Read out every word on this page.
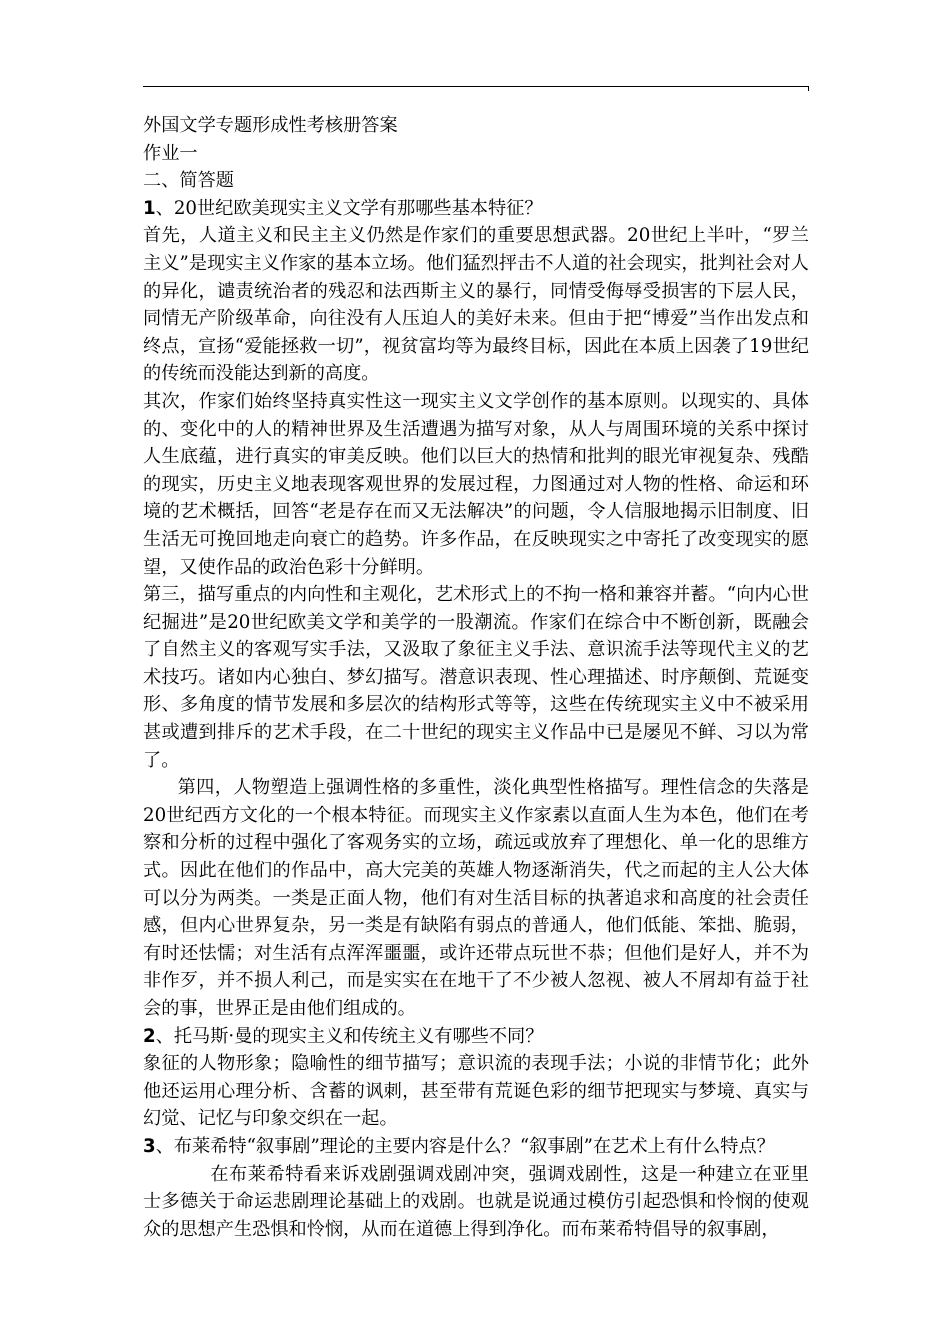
外国文学专题形成性考核册答案

作业一

二、简答题

1、20世纪欧美现实主义文学有那哪些基本特征？

首先，人道主义和民主主义仍然是作家们的重要思想武器。20世纪上半叶，“罗兰主义”是现实主义作家的基本立场。他们猛烈抨击不人道的社会现实，批判社会对人的异化，谴责统治者的残忍和法西斯主义的暴行，同情受侮辱受损害的下层人民，同情无产阶级革命，向往没有人压迫人的美好未来。但由于把“博爱”当作出发点和终点，宣扬“爱能拯救一切”，视贫富均等为最终目标，因此在本质上因袭了19世纪的传统而没能达到新的高度。

其次，作家们始终坚持真实性这一现实主义文学创作的基本原则。以现实的、具体的、变化中的人的精神世界及生活遭遇为描写对象，从人与周围环境的关系中探讨人生底蕴，进行真实的审美反映。他们以巨大的热情和批判的眼光审视复杂、残酷的现实，历史主义地表现客观世界的发展过程，力图通过对人物的性格、命运和环境的艺术概括，回答“老是存在而又无法解决”的问题，令人信服地揭示旧制度、旧生活无可挽回地走向衰亡的趋势。许多作品，在反映现实之中寄托了改变现实的愿望，又使作品的政治色彩十分鲜明。

第三，描写重点的内向性和主观化，艺术形式上的不拘一格和兼容并蓄。“向内心世纪掘进”是20世纪欧美文学和美学的一股潮流。作家们在综合中不断创新，既融会了自然主义的客观写实手法，又汲取了象征主义手法、意识流手法等现代主义的艺术技巧。诸如内心独白、梦幻描写。潜意识表现、性心理描述、时序颠倒、荒诞变形、多角度的情节发展和多层次的结构形式等等，这些在传统现实主义中不被采用甚或遭到排斥的艺术手段，在二十世纪的现实主义作品中已是屡见不鲜、习以为常了。

第四，人物塑造上强调性格的多重性，淡化典型性格描写。理性信念的失落是20世纪西方文化的一个根本特征。而现实主义作家素以直面人生为本色，他们在考察和分析的过程中强化了客观务实的立场，疏远或放弃了理想化、单一化的思维方式。因此在他们的作品中，高大完美的英雄人物逐渐消失，代之而起的主人公大体可以分为两类。一类是正面人物，他们有对生活目标的执著追求和高度的社会责任感，但内心世界复杂，另一类是有缺陷有弱点的普通人，他们低能、笨拙、脆弱，有时还怯懦；对生活有点浑浑噩噩，或许还带点玩世不恭；但他们是好人，并不为非作歹，并不损人利己，而是实实在在地干了不少被人忽视、被人不屑却有益于社会的事，世界正是由他们组成的。

2、托马斯·曼的现实主义和传统主义有哪些不同？

象征的人物形象；隐喻性的细节描写；意识流的表现手法；小说的非情节化；此外他还运用心理分析、含蓄的讽刺，甚至带有荒诞色彩的细节把现实与梦境、真实与幻觉、记忆与印象交织在一起。

3、布莱希特“叙事剧”理论的主要内容是什么？“叙事剧”在艺术上有什么特点？

在布莱希特看来诉戏剧强调戏剧冲突，强调戏剧性，这是一种建立在亚里士多德关于命运悲剧理论基础上的戏剧。也就是说通过模仿引起恐惧和怜悯的使观众的思想产生恐惧和怜悯，从而在道德上得到净化。而布莱希特倡导的叙事剧，
